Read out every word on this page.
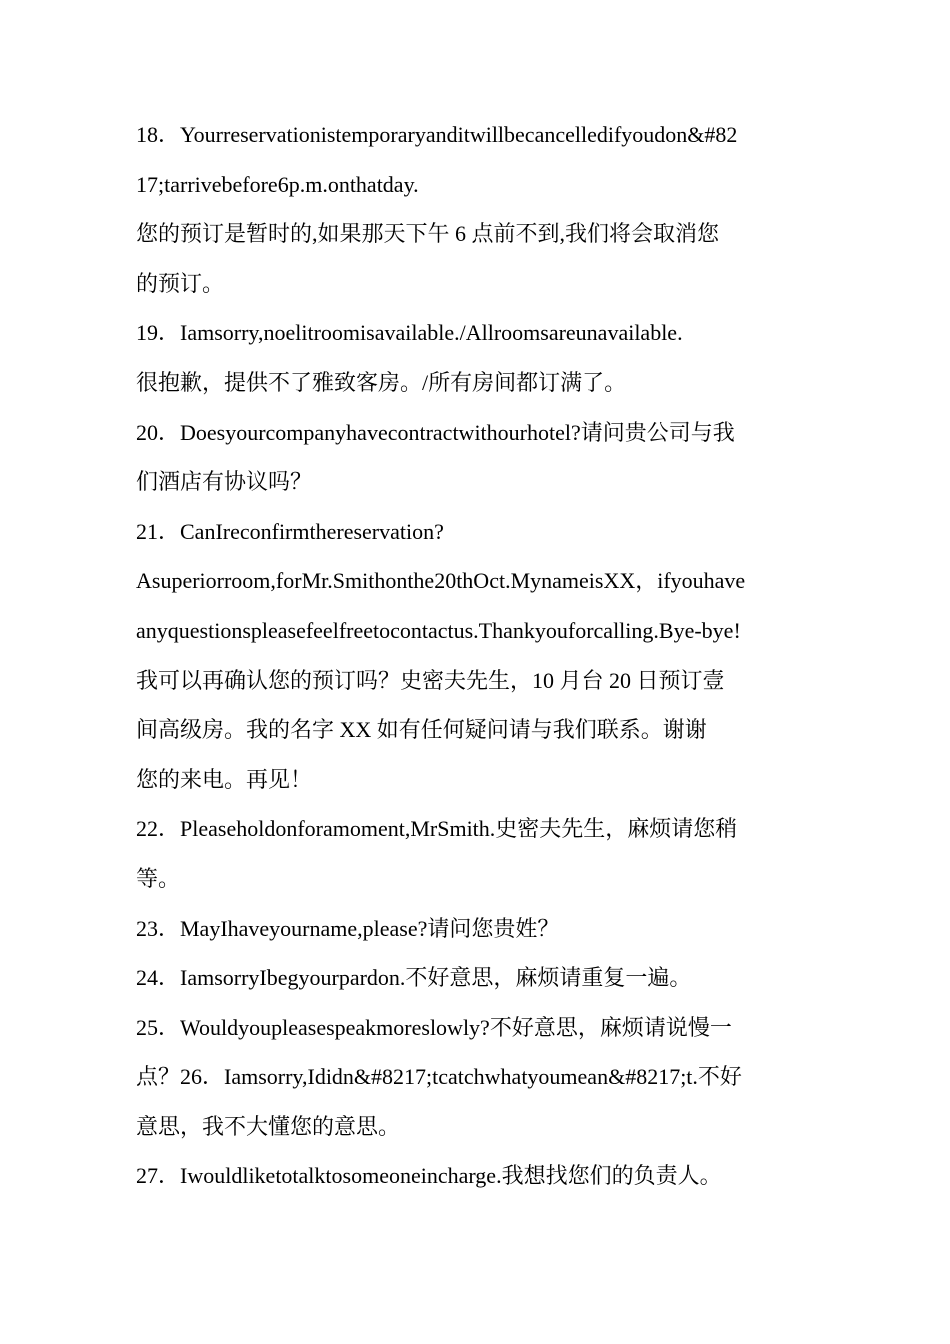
18．Yourreservationistemporaryanditwillbecancelledifyoudon&#82
17;tarrivebefore6p.m.onthatday.
您的预订是暂时的,如果那天下午 6 点前不到,我们将会取消您
的预订。
19．Iamsorry,noelitroomisavailable./Allroomsareunavailable.
很抱歉，提供不了雅致客房。/所有房间都订满了。
20．Doesyourcompanyhavecontractwithourhotel?请问贵公司与我
们酒店有协议吗？
21．CanIreconfirmthereservation?
Asuperiorroom,forMr.Smithonthe20thOct.MynameisXX，ifyouhave
anyquestionspleasefeelfreetocontactus.Thankyouforcalling.Bye-bye!
我可以再确认您的预订吗？史密夫先生，10 月台 20 日预订壹
间高级房。我的名字 XX 如有任何疑问请与我们联系。谢谢
您的来电。再见！
22．Pleaseholdonforamoment,MrSmith.史密夫先生，麻烦请您稍
等。
23．MayIhaveyourname,please?请问您贵姓？
24．IamsorryIbegyourpardon.不好意思，麻烦请重复一遍。
25．Wouldyoupleasespeakmoreslowly?不好意思，麻烦请说慢一
点？26．Iamsorry,Ididn&#8217;tcatchwhatyoumean&#8217;t.不好
意思，我不大懂您的意思。
27．Iwouldliketotalktosomeoneincharge.我想找您们的负责人。
